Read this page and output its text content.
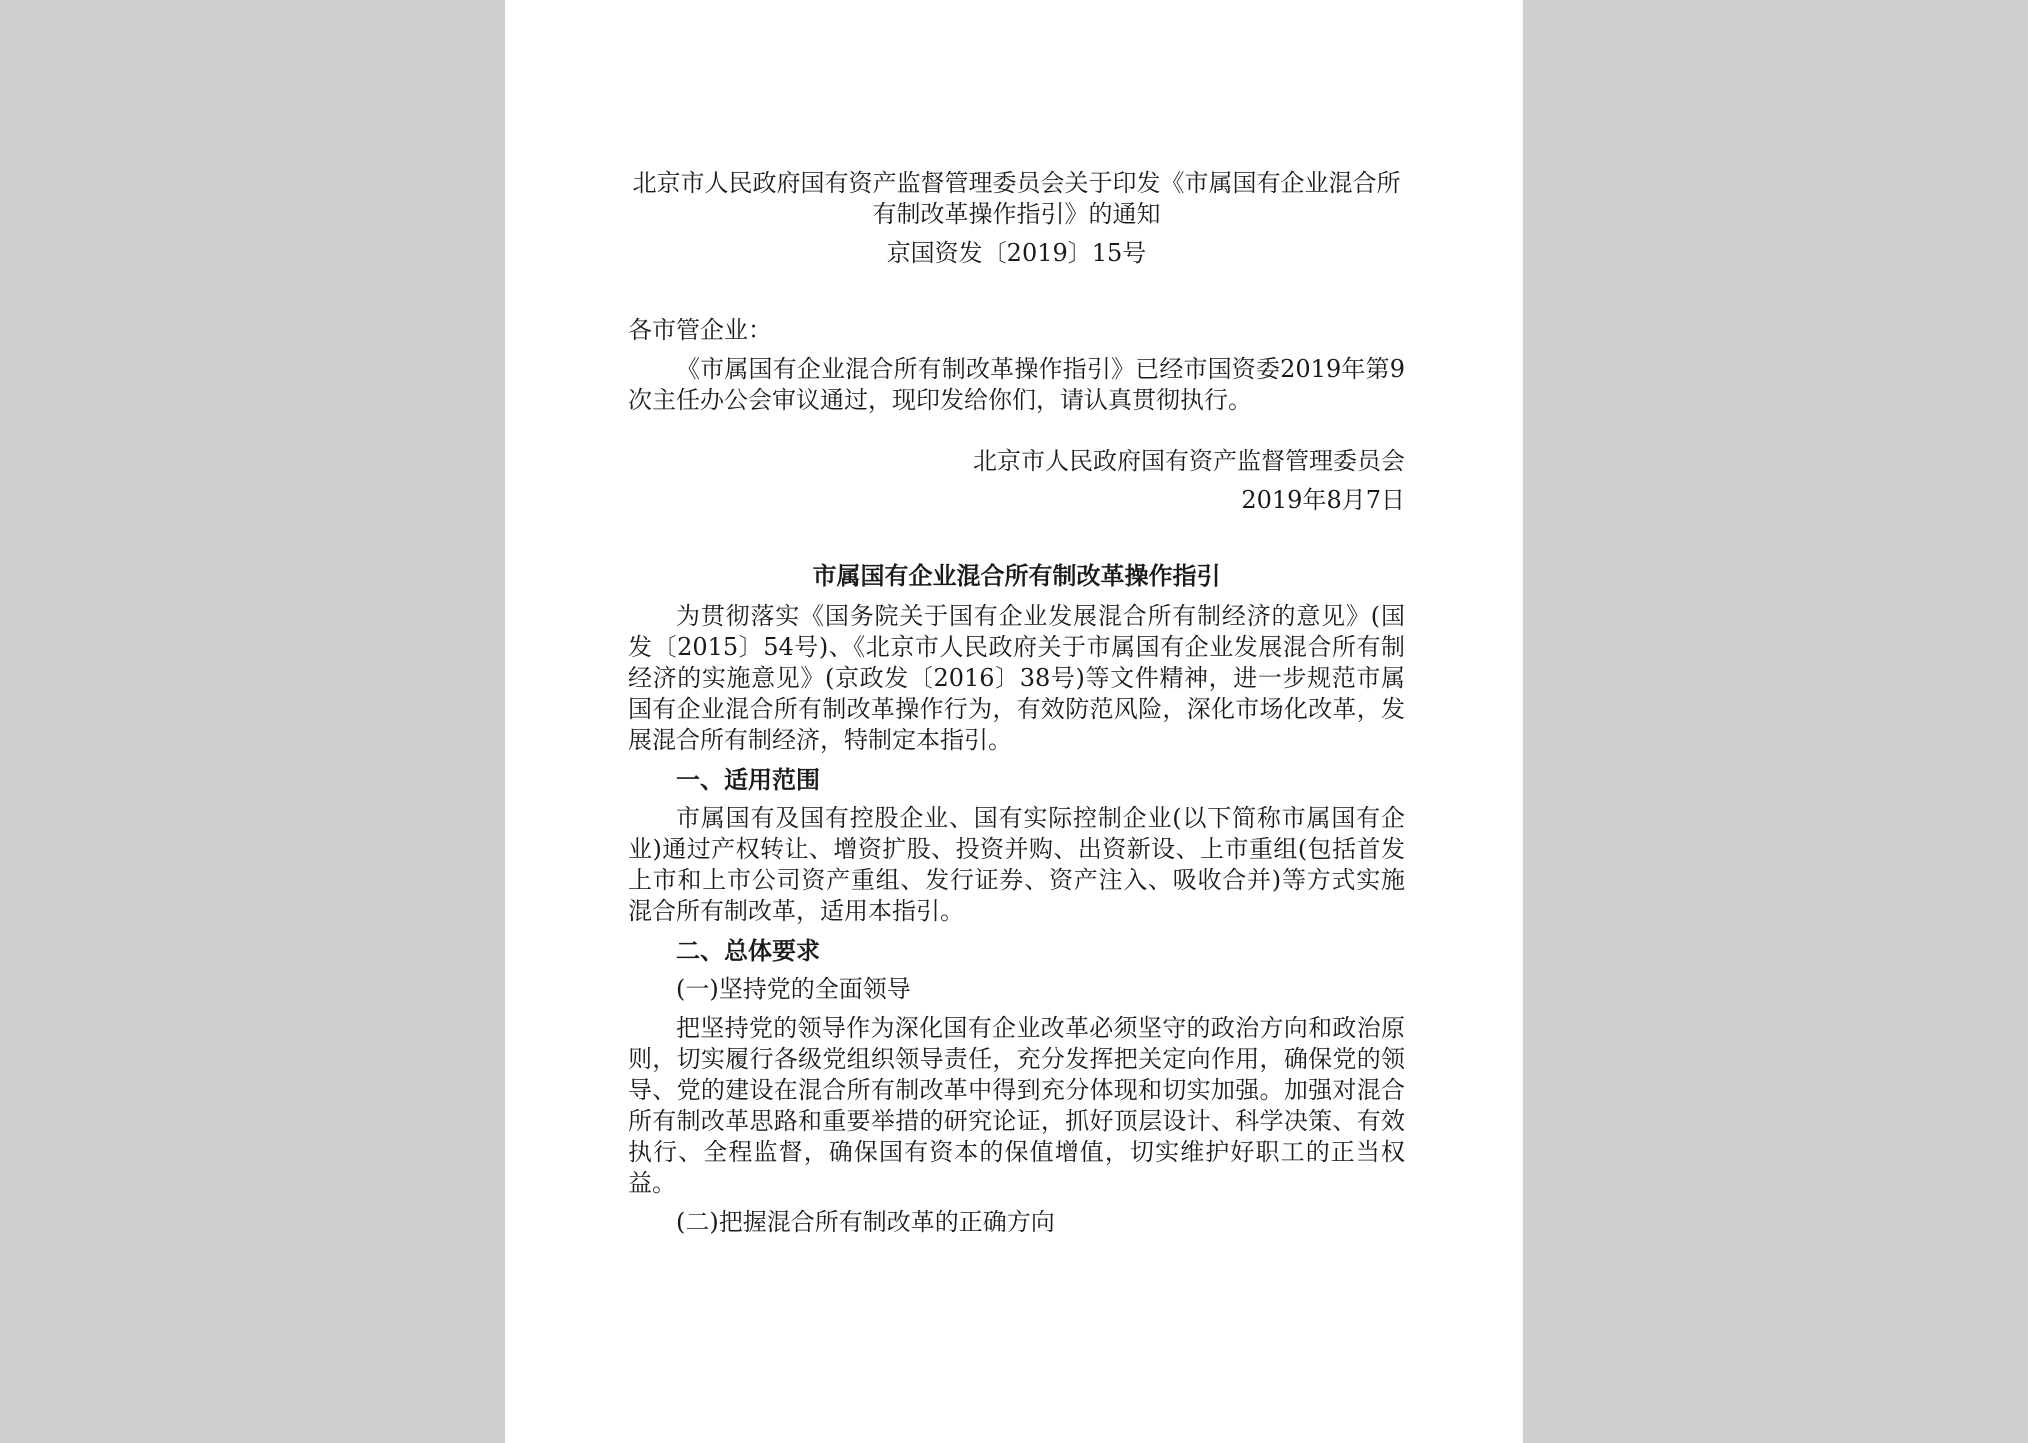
北京市人民政府国有资产监督管理委员会关于印发《市属国有企业混合所有制改革操作指引》的通知

京国资发〔2019〕15号

各市管企业：

《市属国有企业混合所有制改革操作指引》已经市国资委2019年第9次主任办公会审议通过，现印发给你们，请认真贯彻执行。

北京市人民政府国有资产监督管理委员会

2019年8月7日

市属国有企业混合所有制改革操作指引

为贯彻落实《国务院关于国有企业发展混合所有制经济的意见》(国发〔2015〕54号)、《北京市人民政府关于市属国有企业发展混合所有制经济的实施意见》(京政发〔2016〕38号)等文件精神，进一步规范市属国有企业混合所有制改革操作行为，有效防范风险，深化市场化改革，发展混合所有制经济，特制定本指引。

一、适用范围

市属国有及国有控股企业、国有实际控制企业(以下简称市属国有企业)通过产权转让、增资扩股、投资并购、出资新设、上市重组(包括首发上市和上市公司资产重组、发行证券、资产注入、吸收合并)等方式实施混合所有制改革，适用本指引。

二、总体要求

(一)坚持党的全面领导

把坚持党的领导作为深化国有企业改革必须坚守的政治方向和政治原则，切实履行各级党组织领导责任，充分发挥把关定向作用，确保党的领导、党的建设在混合所有制改革中得到充分体现和切实加强。加强对混合所有制改革思路和重要举措的研究论证，抓好顶层设计、科学决策、有效执行、全程监督，确保国有资本的保值增值，切实维护好职工的正当权益。

(二)把握混合所有制改革的正确方向
